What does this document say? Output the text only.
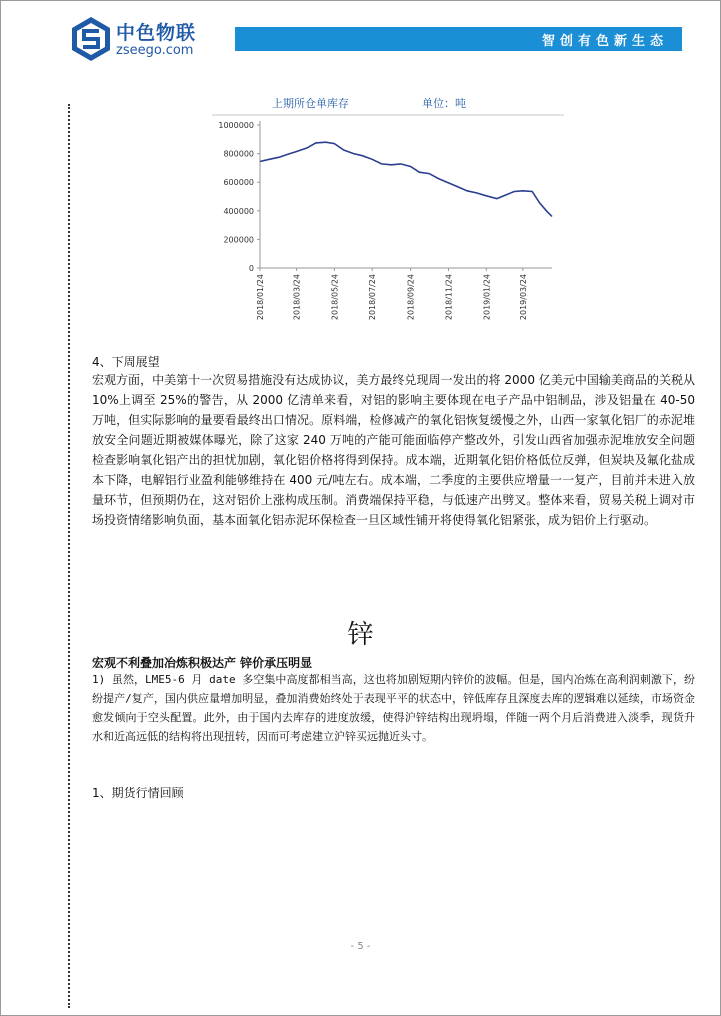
中色物联
zseego.com
智创有色新生态
上期所仓单库存	单位：吨
0
200000
400000
600000
800000
1000000
2018/01/24	2018/03/24	2018/05/24	2018/07/24	2018/09/24	2018/11/24	2019/01/24	2019/03/24
4、下周展望

宏观方面，中美第十一次贸易措施没有达成协议，美方最终兑现周一发出的将 2000 亿美元中国输美商品的关税从 10%上调至 25%的警告，从 2000 亿清单来看，对铝的影响主要体现在电子产品中铝制品，涉及铝量在 40-50 万吨，但实际影响的量要看最终出口情况。原料端，检修减产的氧化铝恢复缓慢之外，山西一家氧化铝厂的赤泥堆放安全问题近期被媒体曝光，除了这家 240 万吨的产能可能面临停产整改外，引发山西省加强赤泥堆放安全问题检查影响氧化铝产出的担忧加剧，氧化铝价格将得到保持。成本端，近期氧化铝价格低位反弹，但炭块及氟化盐成本下降，电解铝行业盈利能够维持在 400 元/吨左右。成本端，二季度的主要供应增量一一复产，目前并未进入放量环节，但预期仍在，这对铝价上涨构成压制。消费端保持平稳，与低速产出劈叉。整体来看，贸易关税上调对市场投资情绪影响负面，基本面氧化铝赤泥环保检查一旦区域性铺开将使得氧化铝紧张，成为铝价上行驱动。

锌
宏观不利叠加冶炼积极达产 锌价承压明显

1) 虽然，LME5-6 月 date 多空集中高度都相当高，这也将加剧短期内锌价的波幅。但是，国内冶炼在高利润刺激下，纷纷提产/复产，国内供应量增加明显，叠加消费始终处于表现平平的状态中，锌低库存且深度去库的逻辑难以延续，市场资金愈发倾向于空头配置。此外，由于国内去库存的进度放缓，使得沪锌结构出现坍塌，伴随一两个月后消费进入淡季，现货升水和近高远低的结构将出现扭转，因而可考虑建立沪锌买远抛近头寸。

1、期货行情回顾
- 5 -
